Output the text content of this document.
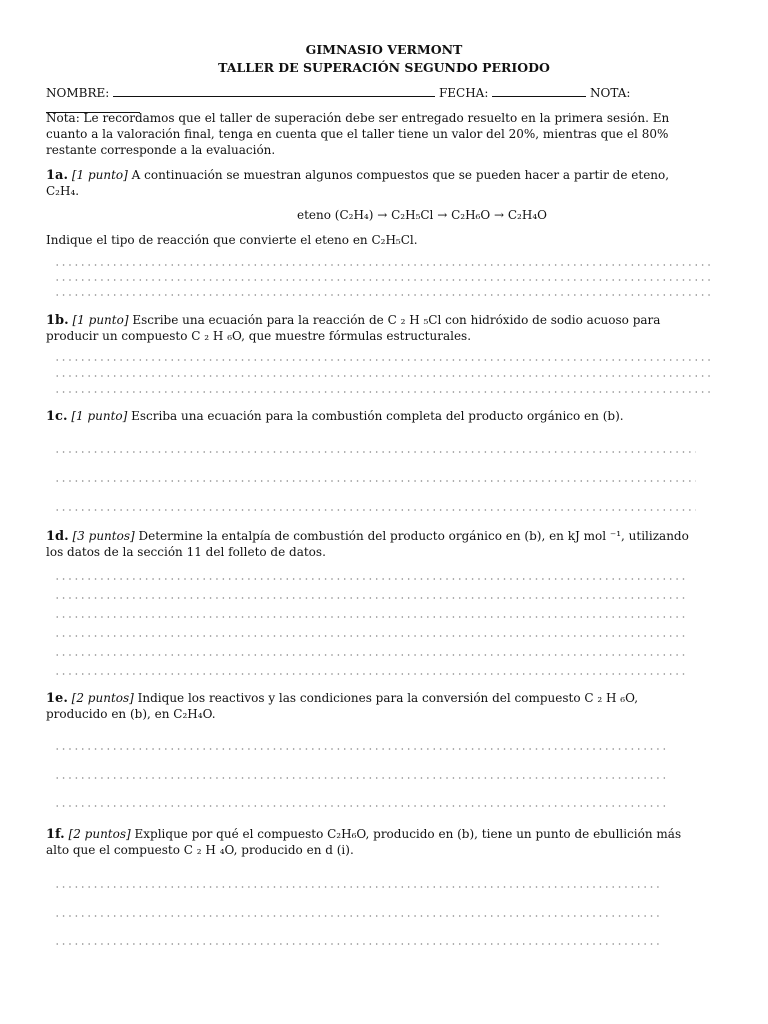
GIMNASIO VERMONT
TALLER DE SUPERACIÓN SEGUNDO PERIODO
NOMBRE:	FECHA:	NOTA:
Nota: Le recordamos que el taller de superación debe ser entregado resuelto en la primera sesión. En
cuanto a la valoración final, tenga en cuenta que el taller tiene un valor del 20%, mientras que el 80%
restante corresponde a la evaluación.
1a. [1 punto] A continuación se muestran algunos compuestos que se pueden hacer a partir de eteno,
C₂H₄.
eteno (C₂H₄) → C₂H₅Cl → C₂H₆O → C₂H₄O
Indique el tipo de reacción que convierte el eteno en C₂H₅Cl.
1b. [1 punto] Escribe una ecuación para la reacción de C ₂ H ₅Cl con hidróxido de sodio acuoso para
producir un compuesto C ₂ H ₆O, que muestre fórmulas estructurales.
1c. [1 punto] Escriba una ecuación para la combustión completa del producto orgánico en (b).
1d. [3 puntos] Determine la entalpía de combustión del producto orgánico en (b), en kJ mol ⁻¹, utilizando
los datos de la sección 11 del folleto de datos.
1e. [2 puntos] Indique los reactivos y las condiciones para la conversión del compuesto C ₂ H ₆O,
producido en (b), en C₂H₄O.
1f. [2 puntos] Explique por qué el compuesto C₂H₆O, producido en (b), tiene un punto de ebullición más
alto que el compuesto C ₂ H ₄O, producido en d (i).
